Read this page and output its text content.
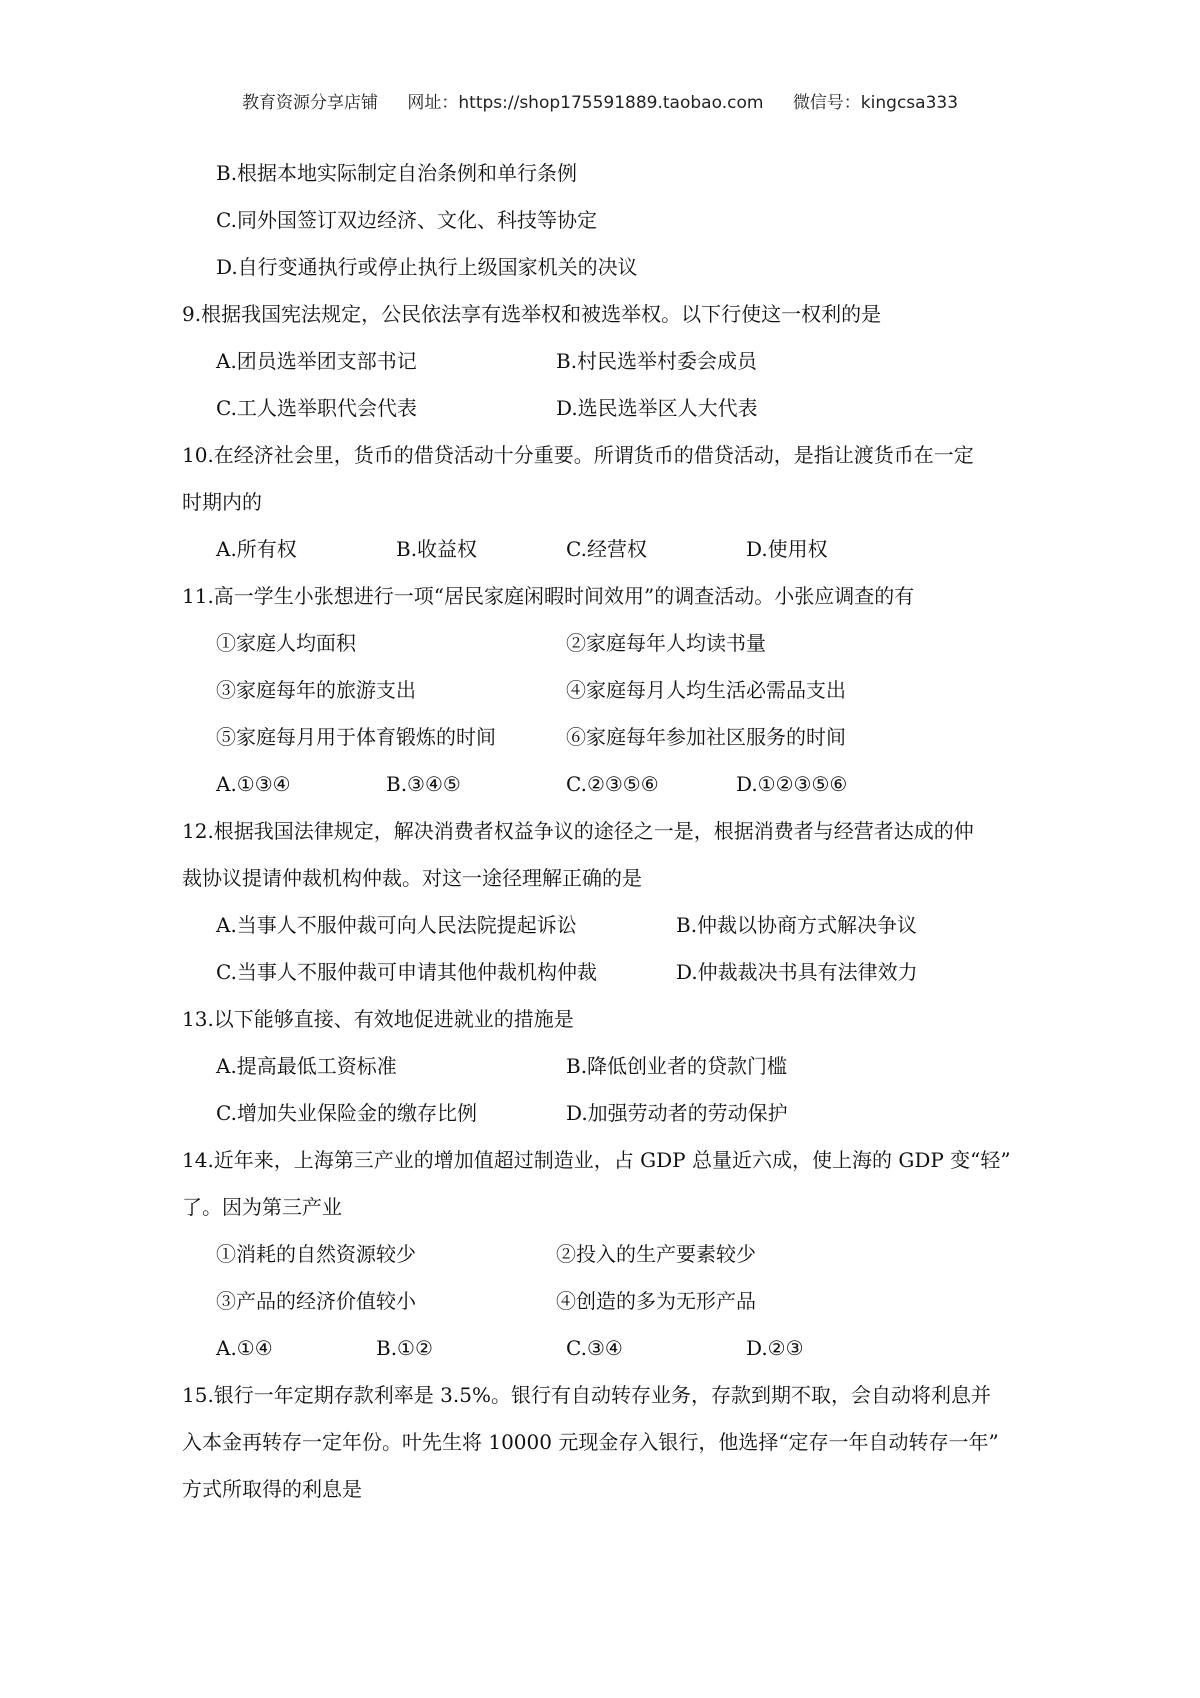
教育资源分享店铺 网址：https://shop175591889.taobao.com 微信号：kingcsa333
B.根据本地实际制定自治条例和单行条例
C.同外国签订双边经济、文化、科技等协定
D.自行变通执行或停止执行上级国家机关的决议
9.根据我国宪法规定，公民依法享有选举权和被选举权。以下行使这一权利的是
A.团员选举团支部书记	B.村民选举村委会成员
C.工人选举职代会代表	D.选民选举区人大代表
10.在经济社会里，货币的借贷活动十分重要。所谓货币的借贷活动，是指让渡货币在一定
时期内的
A.所有权	B.收益权	C.经营权	D.使用权
11.高一学生小张想进行一项“居民家庭闲暇时间效用”的调查活动。小张应调查的有
①家庭人均面积	②家庭每年人均读书量
③家庭每年的旅游支出	④家庭每月人均生活必需品支出
⑤家庭每月用于体育锻炼的时间	⑥家庭每年参加社区服务的时间
A.①③④	B.③④⑤	C.②③⑤⑥	D.①②③⑤⑥
12.根据我国法律规定，解决消费者权益争议的途径之一是，根据消费者与经营者达成的仲
裁协议提请仲裁机构仲裁。对这一途径理解正确的是
A.当事人不服仲裁可向人民法院提起诉讼	B.仲裁以协商方式解决争议
C.当事人不服仲裁可申请其他仲裁机构仲裁	D.仲裁裁决书具有法律效力
13.以下能够直接、有效地促进就业的措施是
A.提高最低工资标准	B.降低创业者的贷款门槛
C.增加失业保险金的缴存比例	D.加强劳动者的劳动保护
14.近年来，上海第三产业的增加值超过制造业，占 GDP 总量近六成，使上海的 GDP 变“轻”
了。因为第三产业
①消耗的自然资源较少	②投入的生产要素较少
③产品的经济价值较小	④创造的多为无形产品
A.①④	B.①②	C.③④	D.②③
15.银行一年定期存款利率是 3.5%。银行有自动转存业务，存款到期不取，会自动将利息并
入本金再转存一定年份。叶先生将 10000 元现金存入银行，他选择“定存一年自动转存一年”
方式所取得的利息是
